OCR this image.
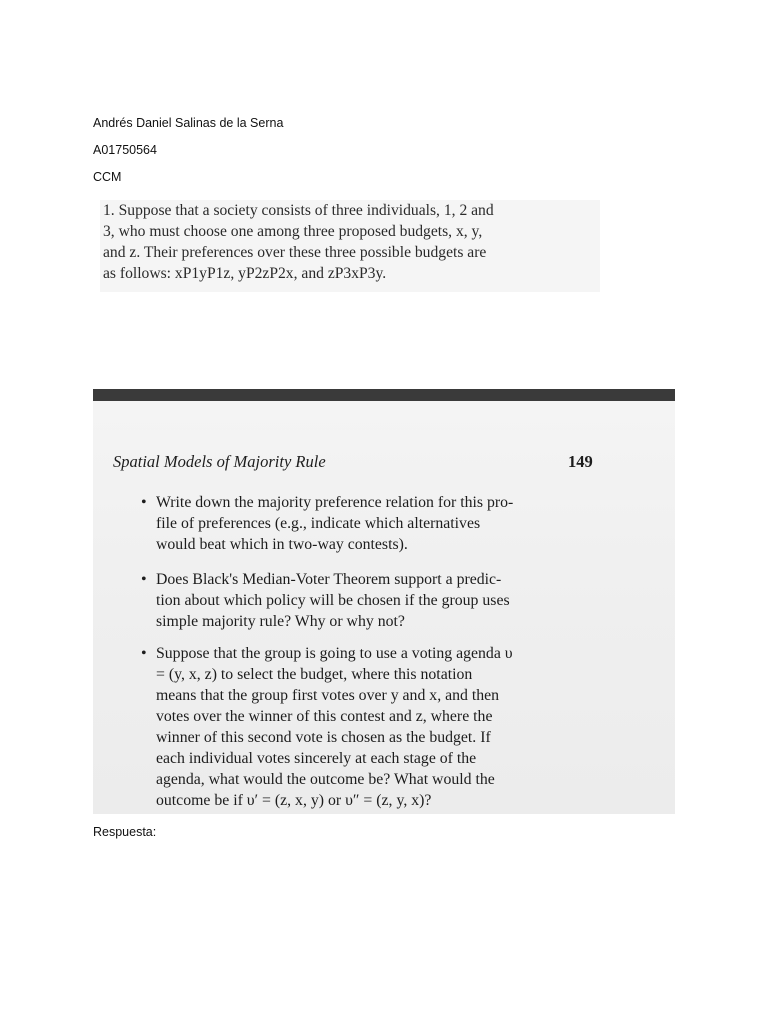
Andrés Daniel Salinas de la Serna
A01750564
CCM
1. Suppose that a society consists of three individuals, 1, 2 and
3, who must choose one among three proposed budgets, x, y,
and z. Their preferences over these three possible budgets are
as follows: xP1yP1z, yP2zP2x, and zP3xP3y.
Spatial Models of Majority Rule	149
• Write down the majority preference relation for this pro-
file of preferences (e.g., indicate which alternatives
would beat which in two-way contests).
• Does Black's Median-Voter Theorem support a predic-
tion about which policy will be chosen if the group uses
simple majority rule? Why or why not?
• Suppose that the group is going to use a voting agenda υ
= (y, x, z) to select the budget, where this notation
means that the group first votes over y and x, and then
votes over the winner of this contest and z, where the
winner of this second vote is chosen as the budget. If
each individual votes sincerely at each stage of the
agenda, what would the outcome be? What would the
outcome be if υ′ = (z, x, y) or υ″ = (z, y, x)?
Respuesta:
